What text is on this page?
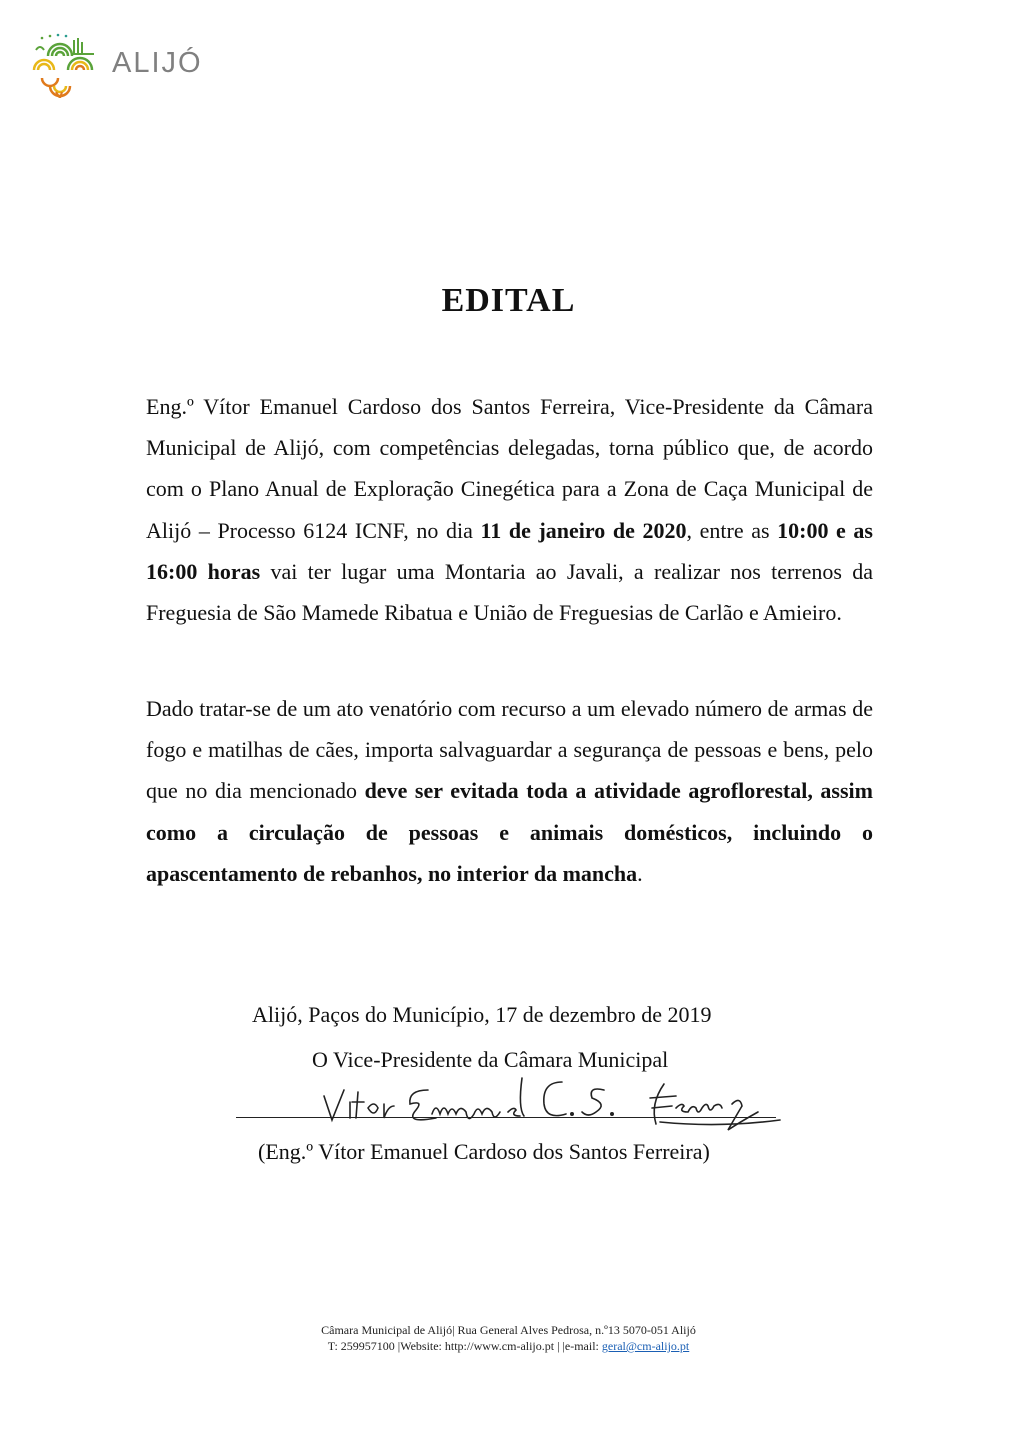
ALIJÓ
EDITAL

Eng.º Vítor Emanuel Cardoso dos Santos Ferreira, Vice-Presidente da Câmara Municipal de Alijó, com competências delegadas, torna público que, de acordo com o Plano Anual de Exploração Cinegética para a Zona de Caça Municipal de Alijó – Processo 6124 ICNF, no dia 11 de janeiro de 2020, entre as 10:00 e as 16:00 horas vai ter lugar uma Montaria ao Javali, a realizar nos terrenos da Freguesia de São Mamede Ribatua e União de Freguesias de Carlão e Amieiro.

Dado tratar-se de um ato venatório com recurso a um elevado número de armas de fogo e matilhas de cães, importa salvaguardar a segurança de pessoas e bens, pelo que no dia mencionado deve ser evitada toda a atividade agroflorestal, assim como a circulação de pessoas e animais domésticos, incluindo o apascentamento de rebanhos, no interior da mancha.

Alijó, Paços do Município, 17 de dezembro de 2019
O Vice-Presidente da Câmara Municipal
(Eng.º Vítor Emanuel Cardoso dos Santos Ferreira)
Câmara Municipal de Alijó| Rua General Alves Pedrosa, n.º13 5070-051 Alijó
T: 259957100 |Website: http://www.cm-alijo.pt | |e-mail: geral@cm-alijo.pt
